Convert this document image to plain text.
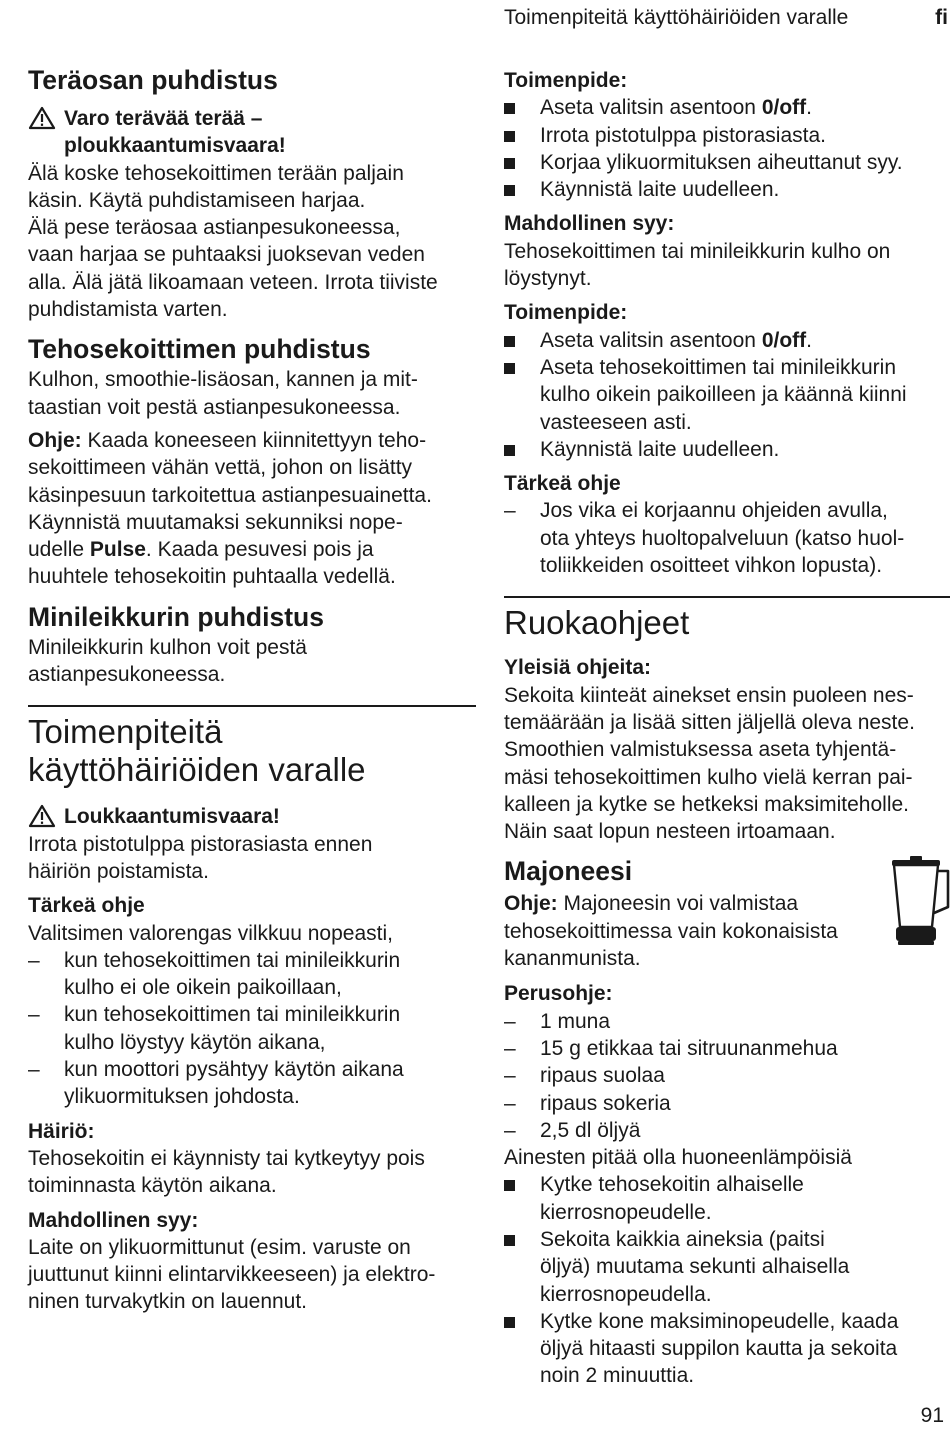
Toimenpiteitä käyttöhäiriöiden varalle	fi
Teräosan puhdistus
Varo terävää terää –
ploukkaantumisvaara!

Älä koske tehosekoittimen terään paljain
käsin. Käytä puhdistamiseen harjaa.
Älä pese teräosaa astianpesukoneessa,
vaan harjaa se puhtaaksi juoksevan veden
alla. Älä jätä likoamaan veteen. Irrota tiiviste
puhdistamista varten.

Tehosekoittimen puhdistus

Kulhon, smoothie-lisäosan, kannen ja mit-
taastian voit pestä astianpesukoneessa.

Ohje: Kaada koneeseen kiinnitettyyn teho-
sekoittimeen vähän vettä, johon on lisätty
käsinpesuun tarkoitettua astianpesuainetta.
Käynnistä muutamaksi sekunniksi nope-
udelle Pulse. Kaada pesuvesi pois ja
huuhtele tehosekoitin puhtaalla vedellä.

Minileikkurin puhdistus

Minileikkurin kulhon voit pestä
astianpesukoneessa.

Toimenpiteitä
käyttöhäiriöiden varalle
Loukkaantumisvaara!

Irrota pistotulppa pistorasiasta ennen
häiriön poistamista.

Tärkeä ohje

Valitsimen valorengas vilkkuu nopeasti,

– kun tehosekoittimen tai minileikkurin
kulho ei ole oikein paikoillaan,
– kun tehosekoittimen tai minileikkurin
kulho löystyy käytön aikana,
– kun moottori pysähtyy käytön aikana
ylikuormituksen johdosta.

Häiriö:

Tehosekoitin ei käynnisty tai kytkeytyy pois
toiminnasta käytön aikana.

Mahdollinen syy:

Laite on ylikuormittunut (esim. varuste on
juuttunut kiinni elintarvikkeeseen) ja elektro-
ninen turvakytkin on lauennut.

Toimenpide:

Aseta valitsin asentoon 0/off.
Irrota pistotulppa pistorasiasta.
Korjaa ylikuormituksen aiheuttanut syy.
Käynnistä laite uudelleen.

Mahdollinen syy:

Tehosekoittimen tai minileikkurin kulho on
löystynyt.

Toimenpide:

Aseta valitsin asentoon 0/off.
Aseta tehosekoittimen tai minileikkurin
kulho oikein paikoilleen ja käännä kiinni
vasteeseen asti.
Käynnistä laite uudelleen.

Tärkeä ohje

– Jos vika ei korjaannu ohjeiden avulla,
ota yhteys huoltopalveluun (katso huol-
toliikkeiden osoitteet vihkon lopusta).
Ruokaohjeet

Yleisiä ohjeita:

Sekoita kiinteät ainekset ensin puoleen nes-
temäärään ja lisää sitten jäljellä oleva neste.
Smoothien valmistuksessa aseta tyhjentä-
mäsi tehosekoittimen kulho vielä kerran pai-
kalleen ja kytke se hetkeksi maksimiteholle.
Näin saat lopun nesteen irtoamaan.

Majoneesi

Ohje: Majoneesin voi valmistaa
tehosekoittimessa vain kokonaisista
kananmunista.

Perusohje:

– 1 muna
– 15 g etikkaa tai sitruunanmehua
– ripaus suolaa
– ripaus sokeria
– 2,5 dl öljyä

Ainesten pitää olla huoneenlämpöisiä

Kytke tehosekoitin alhaiselle
kierrosnopeudelle.
Sekoita kaikkia aineksia (paitsi
öljyä) muutama sekunti alhaisella
kierrosnopeudella.
Kytke kone maksiminopeudelle, kaada
öljyä hitaasti suppilon kautta ja sekoita
noin 2 minuuttia.
91
